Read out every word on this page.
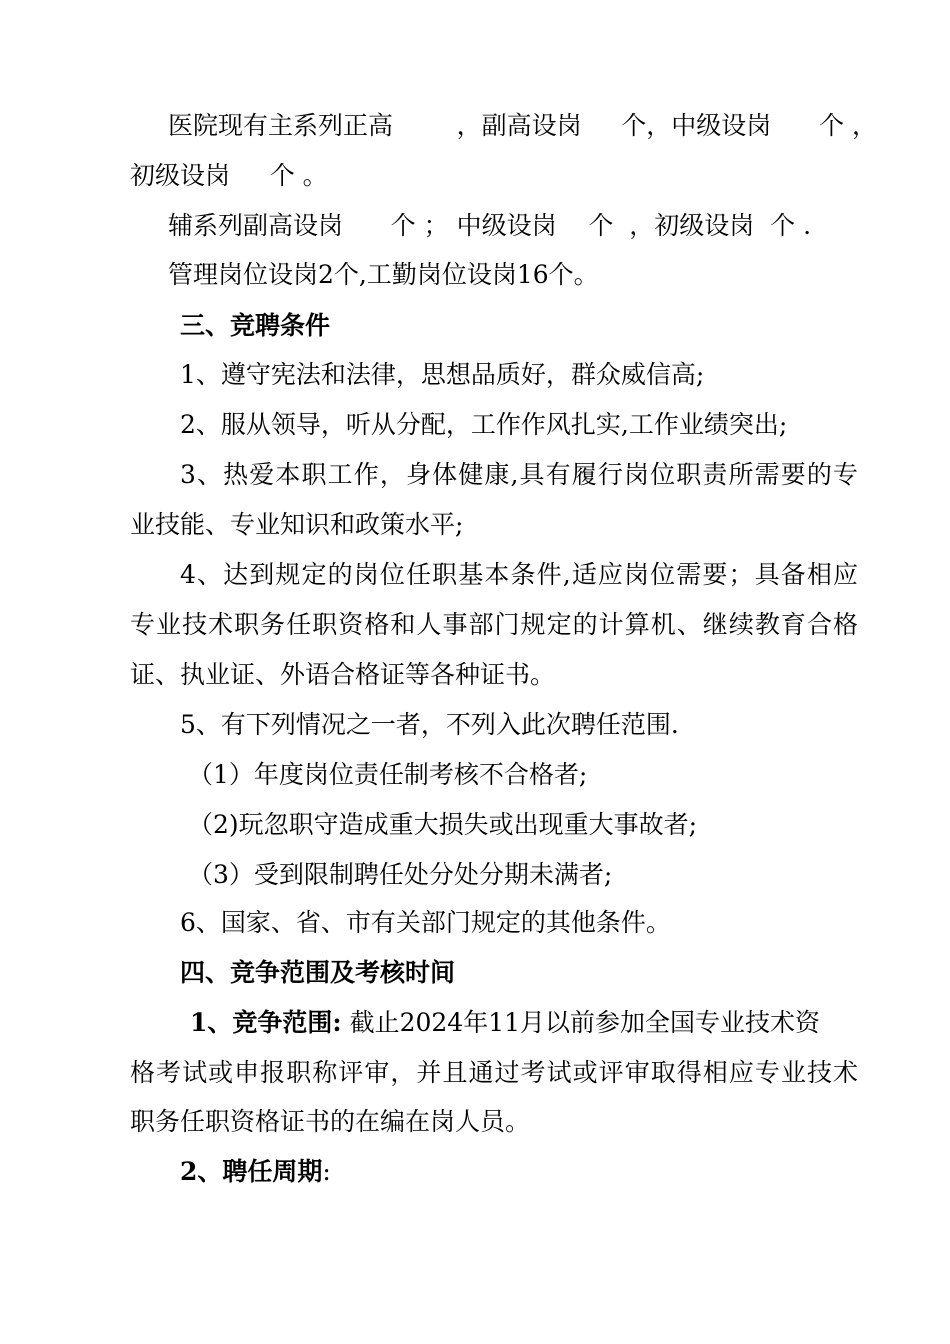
医院现有主系列正高        ，副高设岗     个，中级设岗      个 ，
初级设岗     个 。
辅系列副高设岗      个 ； 中级设岗    个  ，初级设岗  个 .
管理岗位设岗2个,工勤岗位设岗16个。
三、竞聘条件
1、遵守宪法和法律，思想品质好，群众威信高;
2、服从领导，听从分配，工作作风扎实,工作业绩突出;
3、热爱本职工作，身体健康,具有履行岗位职责所需要的专
业技能、专业知识和政策水平;
4、达到规定的岗位任职基本条件,适应岗位需要；具备相应
专业技术职务任职资格和人事部门规定的计算机、继续教育合格
证、执业证、外语合格证等各种证书。
5、有下列情况之一者，不列入此次聘任范围.
（1）年度岗位责任制考核不合格者;
（2)玩忽职守造成重大损失或出现重大事故者;
（3）受到限制聘任处分处分期未满者;
6、国家、省、市有关部门规定的其他条件。
四、竞争范围及考核时间
1、竞争范围: 截止2024年11月以前参加全国专业技术资
格考试或申报职称评审，并且通过考试或评审取得相应专业技术
职务任职资格证书的在编在岗人员。
2、聘任周期:
